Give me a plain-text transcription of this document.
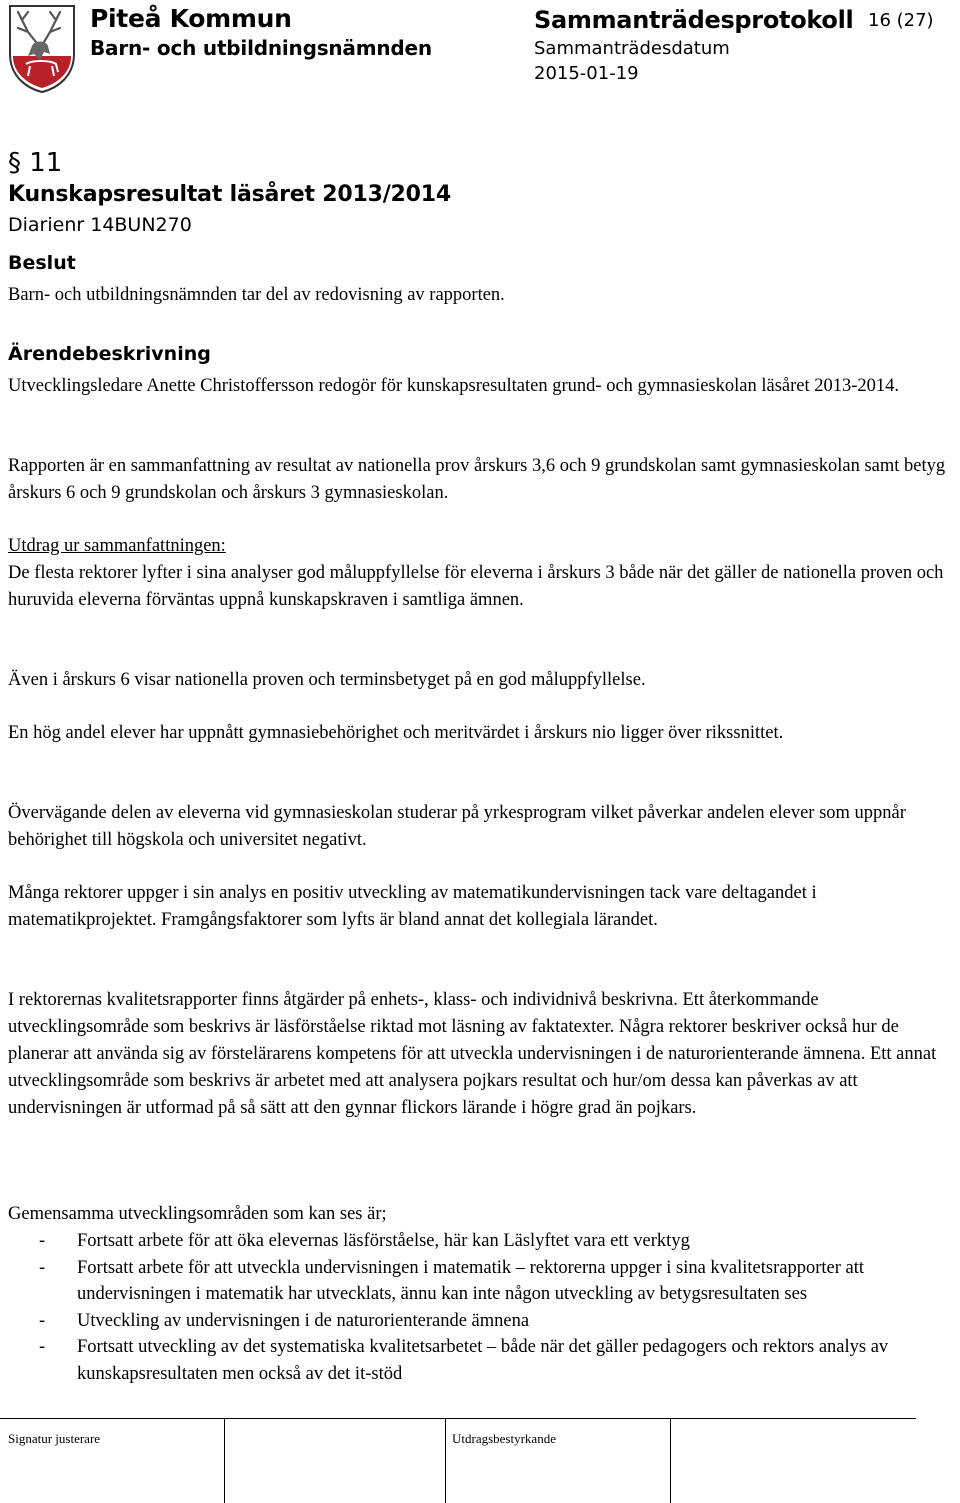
Piteå Kommun
Barn- och utbildningsnämnden
Sammanträdesprotokoll
Sammanträdesdatum
2015-01-19
16 (27)
§ 11
Kunskapsresultat läsåret 2013/2014
Diarienr 14BUN270
Beslut

Barn- och utbildningsnämnden tar del av redovisning av rapporten.

Ärendebeskrivning

Utvecklingsledare Anette Christoffersson redogör för kunskapsresultaten grund- och gymnasieskolan läsåret 2013-2014.

Rapporten är en sammanfattning av resultat av nationella prov årskurs 3,6 och 9 grundskolan samt gymnasieskolan samt betyg årskurs 6 och 9 grundskolan och årskurs 3 gymnasieskolan.

Utdrag ur sammanfattningen:

De flesta rektorer lyfter i sina analyser god måluppfyllelse för eleverna i årskurs 3 både när det gäller de nationella proven och huruvida eleverna förväntas uppnå kunskapskraven i samtliga ämnen.

Även i årskurs 6 visar nationella proven och terminsbetyget på en god måluppfyllelse.

En hög andel elever har uppnått gymnasiebehörighet och meritvärdet i årskurs nio ligger över rikssnittet.

Övervägande delen av eleverna vid gymnasieskolan studerar på yrkesprogram vilket påverkar andelen elever som uppnår behörighet till högskola och universitet negativt.

Många rektorer uppger i sin analys en positiv utveckling av matematikundervisningen tack vare deltagandet i matematikprojektet. Framgångsfaktorer som lyfts är bland annat det kollegiala lärandet.

I rektorernas kvalitetsrapporter finns åtgärder på enhets-, klass- och individnivå beskrivna. Ett återkommande utvecklingsområde som beskrivs är läsförståelse riktad mot läsning av faktatexter. Några rektorer beskriver också hur de planerar att använda sig av förstelärarens kompetens för att utveckla undervisningen i de naturorienterande ämnena. Ett annat utvecklingsområde som beskrivs är arbetet med att analysera pojkars resultat och hur/om dessa kan påverkas av att undervisningen är utformad på så sätt att den gynnar flickors lärande i högre grad än pojkars.

Gemensamma utvecklingsområden som kan ses är;

-	Fortsatt arbete för att öka elevernas läsförståelse, här kan Läslyftet vara ett verktyg
-	Fortsatt arbete för att utveckla undervisningen i matematik – rektorerna uppger i sina kvalitetsrapporter att undervisningen i matematik har utvecklats, ännu kan inte någon utveckling av betygsresultaten ses
-	Utveckling av undervisningen i de naturorienterande ämnena
-	Fortsatt utveckling av det systematiska kvalitetsarbetet – både när det gäller pedagogers och rektors analys av kunskapsresultaten men också av det it-stöd
Signatur justerare	Utdragsbestyrkande
